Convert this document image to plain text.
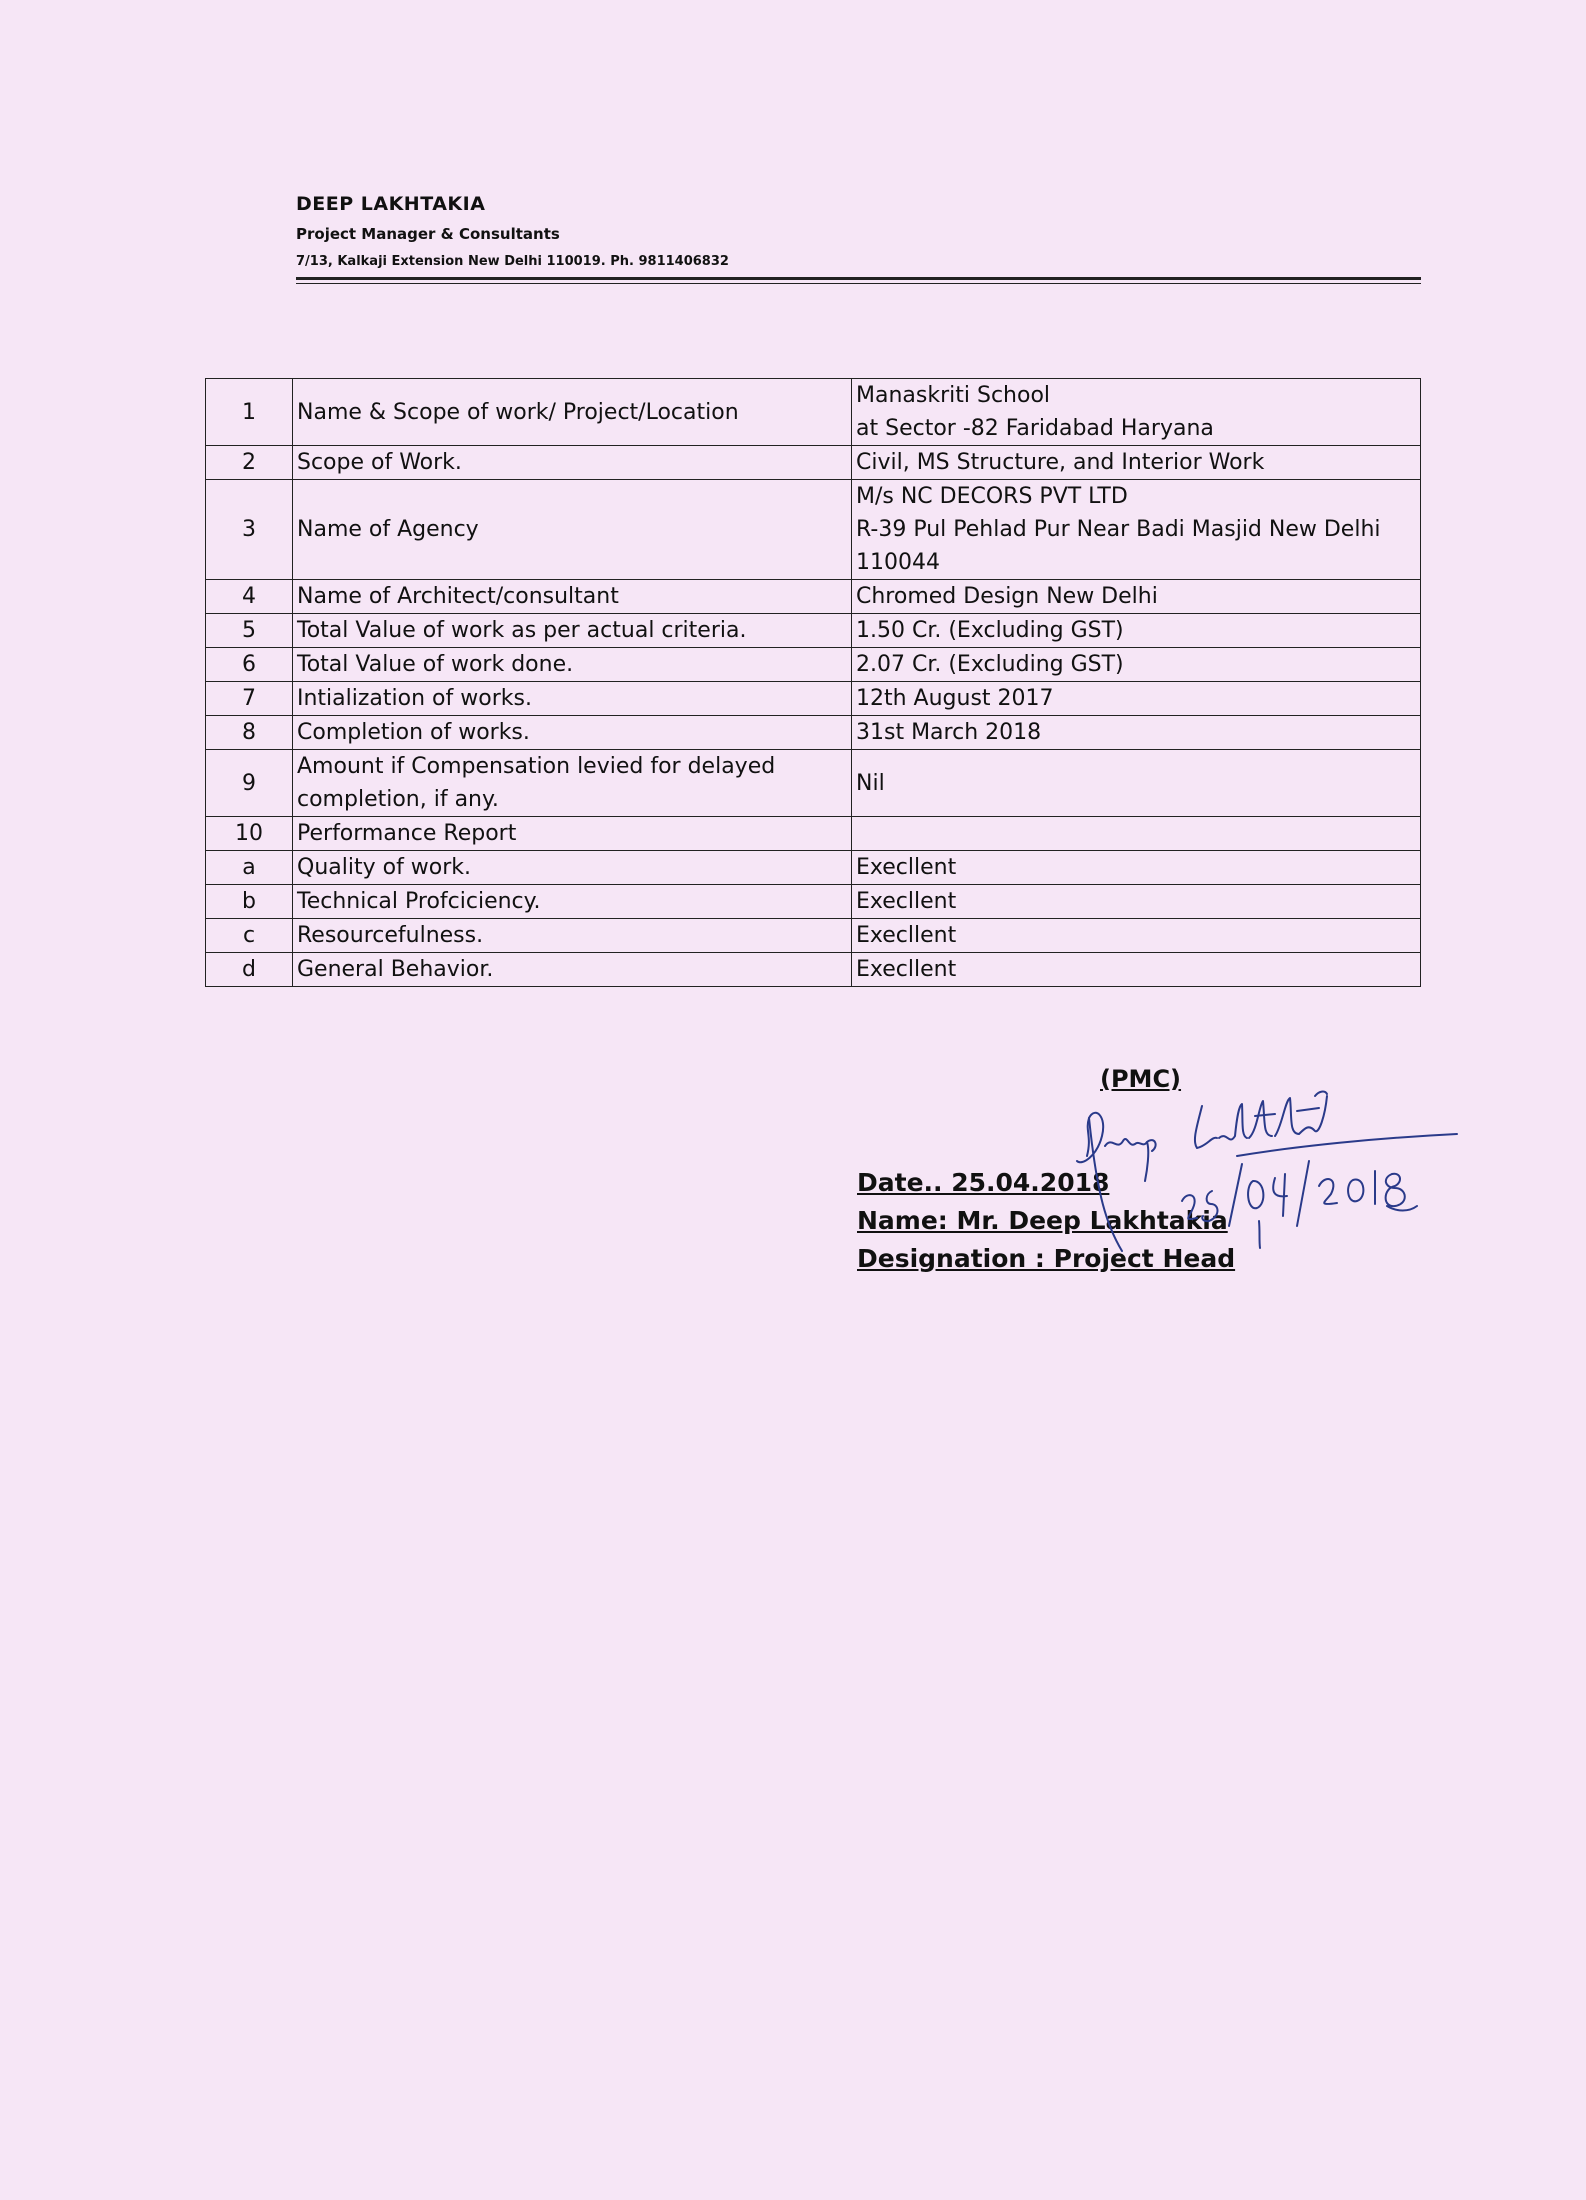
DEEP LAKHTAKIA

Project Manager & Consultants

7/13, Kalkaji Extension New Delhi 110019. Ph. 9811406832

1	Name & Scope of work/ Project/Location	Manaskriti School
at Sector -82 Faridabad Haryana

2	Scope of Work.	Civil, MS Structure, and Interior Work
3	Name of Agency	M/s NC DECORS PVT LTD
R-39 Pul Pehlad Pur Near Badi Masjid New Delhi
110044

4	Name of Architect/consultant	Chromed Design New Delhi
5	Total Value of work as per actual criteria.	1.50 Cr. (Excluding GST)
6	Total Value of work done.	2.07 Cr. (Excluding GST)
7	Intialization of works.	12th August 2017
8	Completion of works.	31st March 2018
9	Amount if Compensation levied for delayed
completion, if any.	Nil
10	Performance Report	
a	Quality of work.	Execllent
b	Technical Profciciency.	Execllent
c	Resourcefulness.	Execllent
d	General Behavior.	Execllent
(PMC)
Date.. 25.04.2018
Name: Mr. Deep Lakhtakia
Designation : Project Head
